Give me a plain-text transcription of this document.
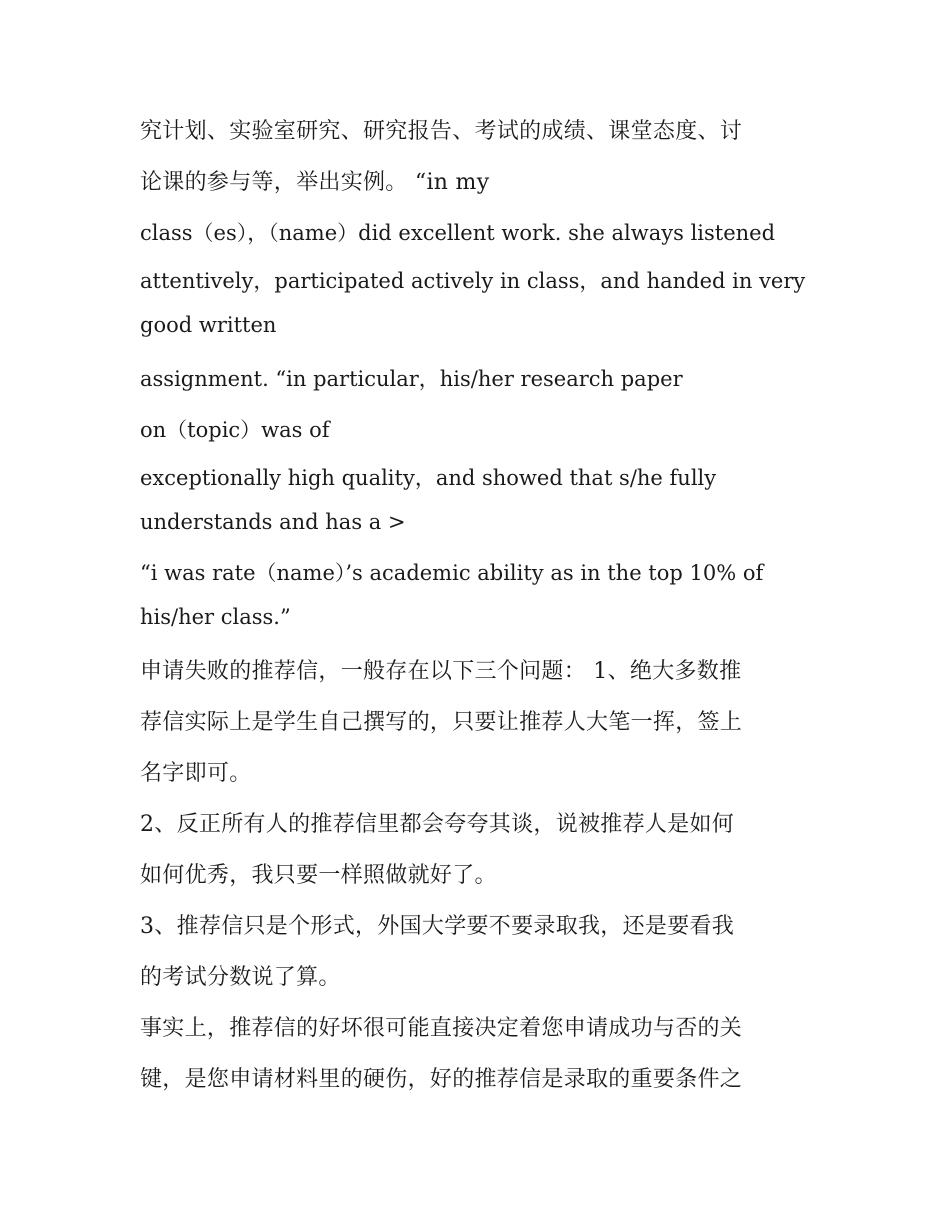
究计划、实验室研究、研究报告、考试的成绩、课堂态度、讨

论课的参与等，举出实例。 “in my

class（es），（name）did excellent work. she always listened

attentively，participated actively in class，and handed in very
good written

assignment. “in particular，his/her research paper

on（topic）was of

exceptionally high quality，and showed that s/he fully
understands and has a >
“i was rate（name）’s academic ability as in the top 10% of
his/her class.”

申请失败的推荐信，一般存在以下三个问题： 1、绝大多数推

荐信实际上是学生自己撰写的，只要让推荐人大笔一挥，签上

名字即可。

2、反正所有人的推荐信里都会夸夸其谈，说被推荐人是如何

如何优秀，我只要一样照做就好了。

3、推荐信只是个形式，外国大学要不要录取我，还是要看我

的考试分数说了算。

事实上，推荐信的好坏很可能直接决定着您申请成功与否的关

键，是您申请材料里的硬伤，好的推荐信是录取的重要条件之
